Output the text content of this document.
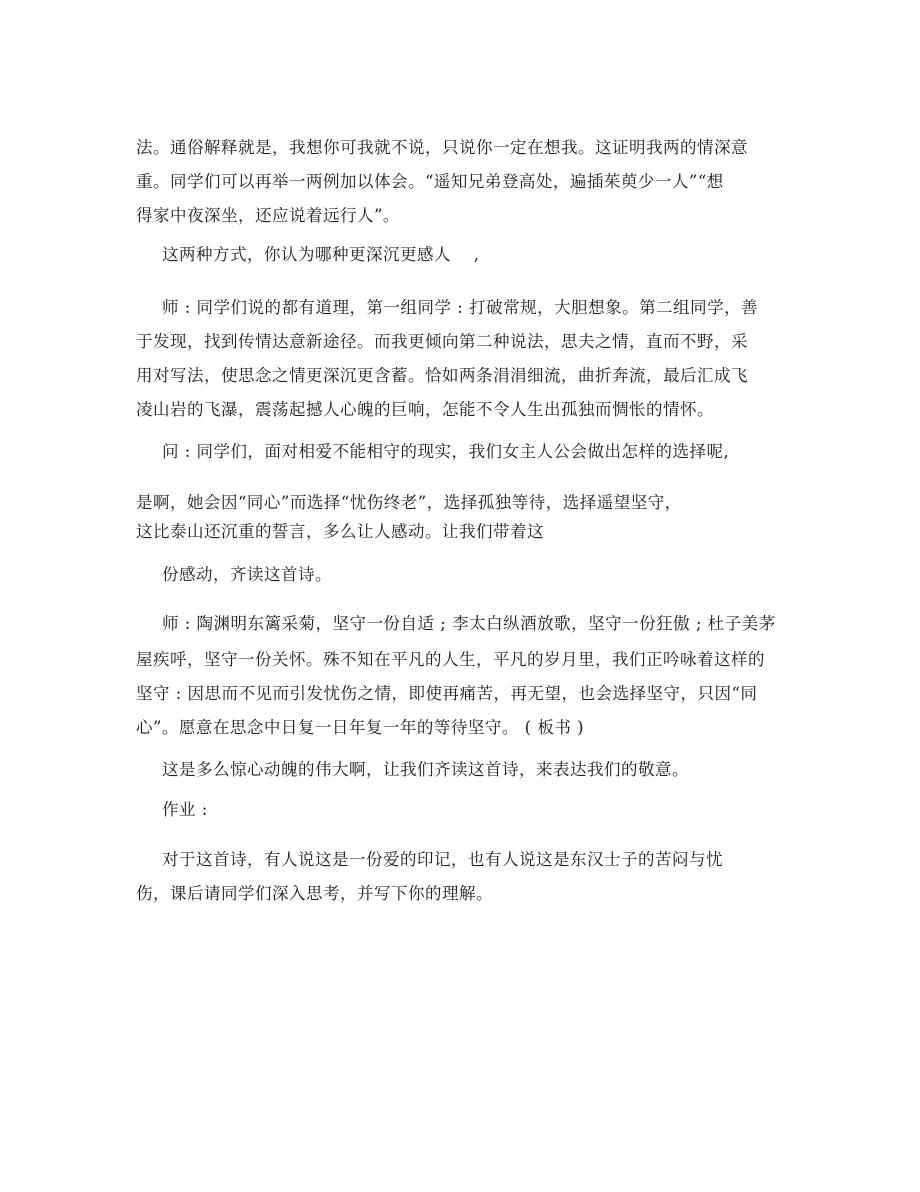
法。通俗解释就是，我想你可我就不说，只说你一定在想我。这证明我两的情深意
重。同学们可以再举一两例加以体会。“遥知兄弟登高处，遍插茱萸少一人”“想
得家中夜深坐，还应说着远行人”。
这两种方式，你认为哪种更深沉更感人　 ,
师 : 同学们说的都有道理，第一组同学 : 打破常规，大胆想象。第二组同学，善
于发现，找到传情达意新途径。而我更倾向第二种说法，思夫之情，直而不野，采
用对写法，使思念之情更深沉更含蓄。恰如两条涓涓细流，曲折奔流，最后汇成飞
凌山岩的飞瀑，震荡起撼人心魄的巨响，怎能不令人生出孤独而惆怅的情怀。
问 : 同学们，面对相爱不能相守的现实，我们女主人公会做出怎样的选择呢,
是啊，她会因“同心”而选择“忧伤终老”，选择孤独等待，选择遥望坚守，
这比泰山还沉重的誓言，多么让人感动。让我们带着这
份感动，齐读这首诗。
师 : 陶渊明东篱采菊，坚守一份自适 ; 李太白纵酒放歌，坚守一份狂傲 ; 杜子美茅
屋疾呼，坚守一份关怀。殊不知在平凡的人生，平凡的岁月里，我们正吟咏着这样的
坚守 : 因思而不见而引发忧伤之情，即使再痛苦，再无望，也会选择坚守，只因“同
心”。愿意在思念中日复一日年复一年的等待坚守。 ( 板书 )
这是多么惊心动魄的伟大啊，让我们齐读这首诗，来表达我们的敬意。
作业 :
对于这首诗，有人说这是一份爱的印记，也有人说这是东汉士子的苦闷与忧
伤，课后请同学们深入思考，并写下你的理解。
